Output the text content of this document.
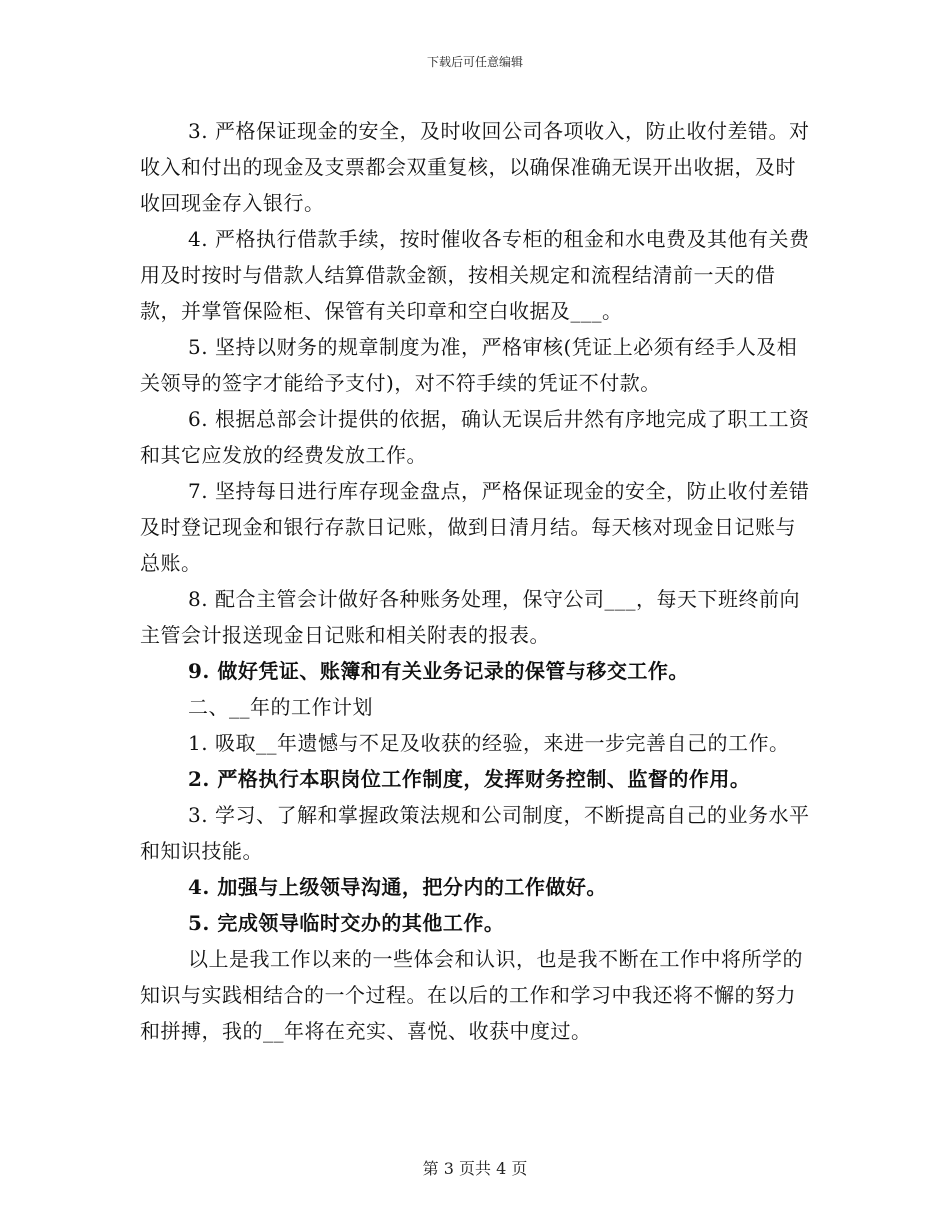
下载后可任意编辑

3. 严格保证现金的安全，及时收回公司各项收入，防止收付差错。对收入和付出的现金及支票都会双重复核，以确保准确无误开出收据，及时收回现金存入银行。

4. 严格执行借款手续，按时催收各专柜的租金和水电费及其他有关费用及时按时与借款人结算借款金额，按相关规定和流程结清前一天的借款，并掌管保险柜、保管有关印章和空白收据及___。

5. 坚持以财务的规章制度为准，严格审核(凭证上必须有经手人及相关领导的签字才能给予支付)，对不符手续的凭证不付款。

6. 根据总部会计提供的依据，确认无误后井然有序地完成了职工工资和其它应发放的经费发放工作。

7. 坚持每日进行库存现金盘点，严格保证现金的安全，防止收付差错及时登记现金和银行存款日记账，做到日清月结。每天核对现金日记账与总账。

8. 配合主管会计做好各种账务处理，保守公司___，每天下班终前向主管会计报送现金日记账和相关附表的报表。

9. 做好凭证、账簿和有关业务记录的保管与移交工作。

二、__年的工作计划

1. 吸取__年遗憾与不足及收获的经验，来进一步完善自己的工作。

2. 严格执行本职岗位工作制度，发挥财务控制、监督的作用。

3. 学习、了解和掌握政策法规和公司制度，不断提高自己的业务水平和知识技能。

4. 加强与上级领导沟通，把分内的工作做好。

5. 完成领导临时交办的其他工作。

以上是我工作以来的一些体会和认识，也是我不断在工作中将所学的知识与实践相结合的一个过程。在以后的工作和学习中我还将不懈的努力和拼搏，我的__年将在充实、喜悦、收获中度过。

第 3 页共 4 页
